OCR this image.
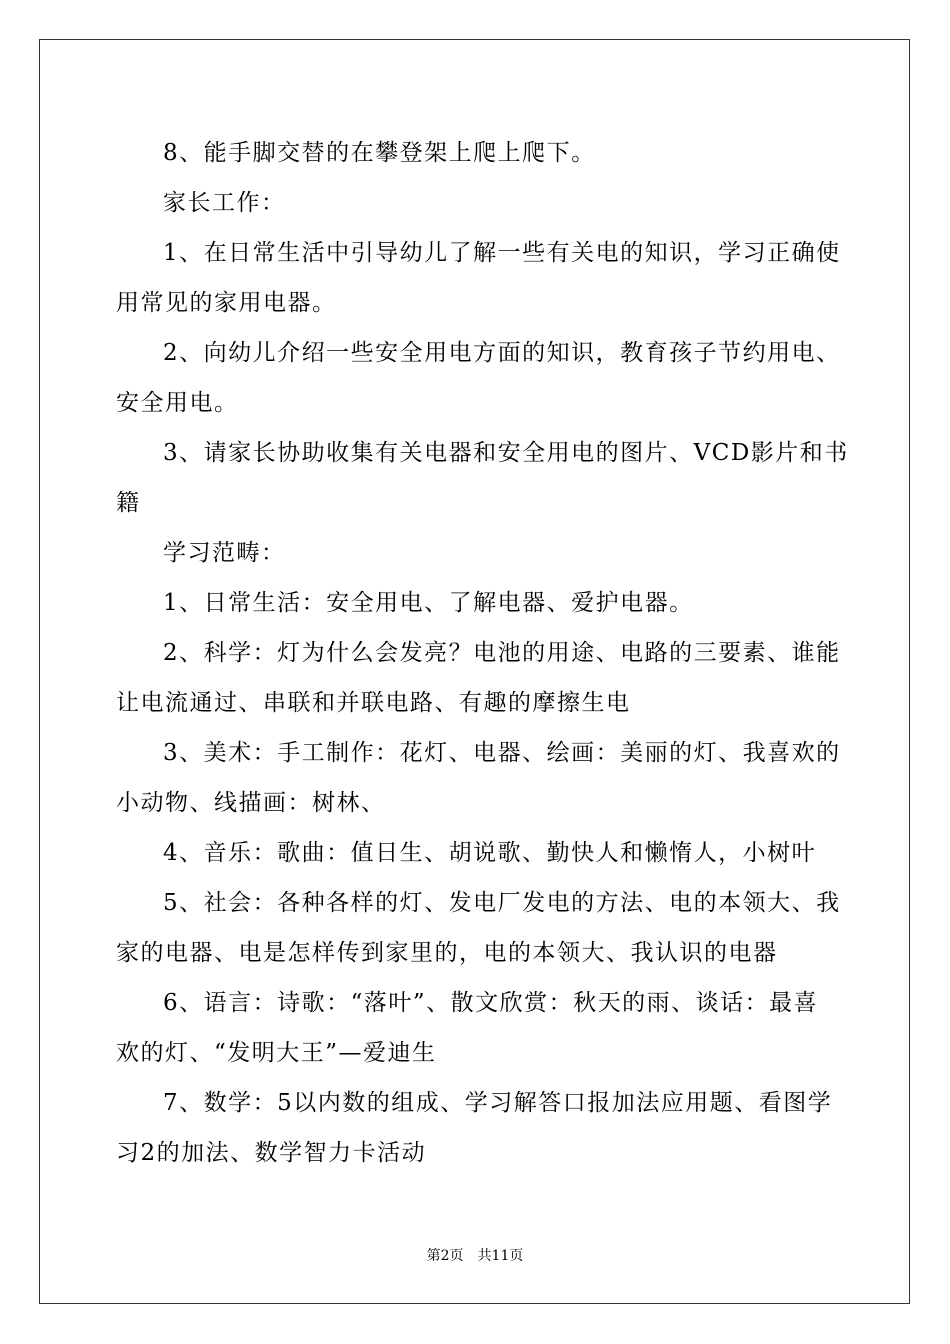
8、能手脚交替的在攀登架上爬上爬下。
家长工作：
1、在日常生活中引导幼儿了解一些有关电的知识，学习正确使
用常见的家用电器。
2、向幼儿介绍一些安全用电方面的知识，教育孩子节约用电、
安全用电。
3、请家长协助收集有关电器和安全用电的图片、VCD影片和书
籍
学习范畴：
1、日常生活：安全用电、了解电器、爱护电器。
2、科学：灯为什么会发亮？电池的用途、电路的三要素、谁能
让电流通过、串联和并联电路、有趣的摩擦生电
3、美术：手工制作：花灯、电器、绘画：美丽的灯、我喜欢的
小动物、线描画：树林、
4、音乐：歌曲：值日生、胡说歌、勤快人和懒惰人，小树叶
5、社会：各种各样的灯、发电厂发电的方法、电的本领大、我
家的电器、电是怎样传到家里的，电的本领大、我认识的电器
6、语言：诗歌：“落叶”、散文欣赏：秋天的雨、谈话：最喜
欢的灯、“发明大王”—爱迪生
7、数学：5以内数的组成、学习解答口报加法应用题、看图学
习2的加法、数学智力卡活动
第2页　共11页
